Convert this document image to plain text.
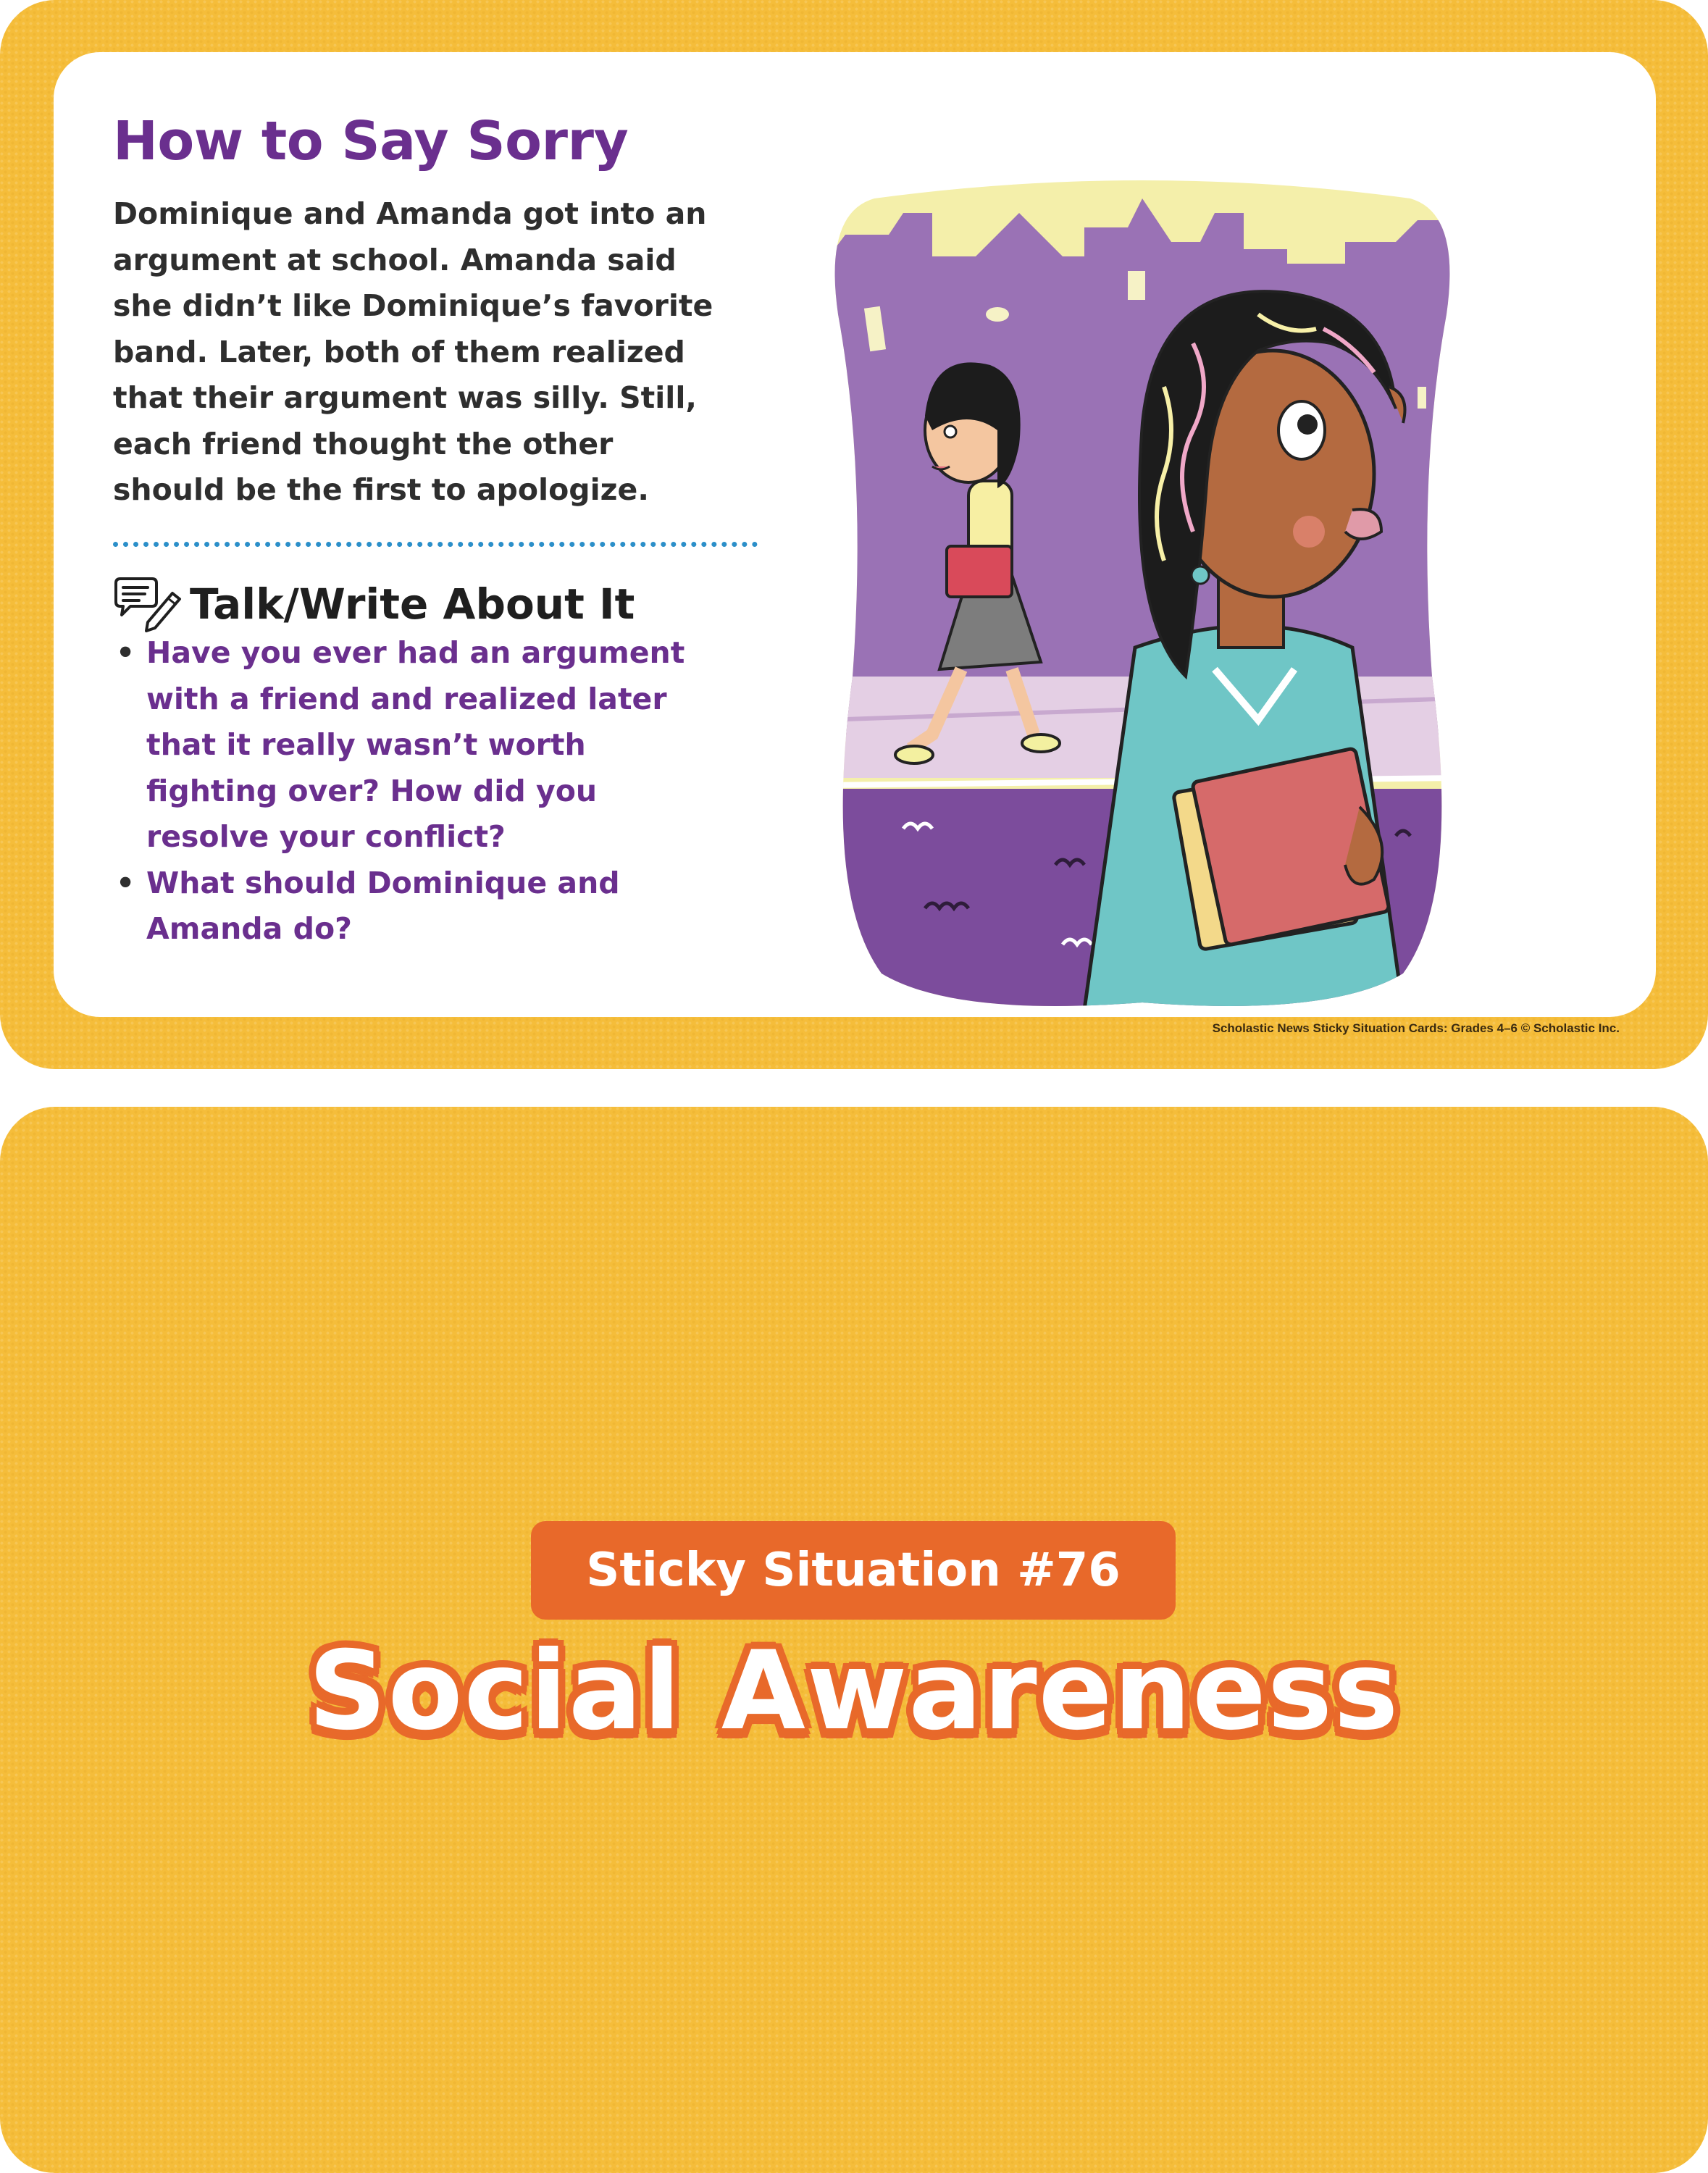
How to Say Sorry

Dominique and Amanda got into an
argument at school. Amanda said
she didn’t like Dominique’s favorite
band. Later, both of them realized
that their argument was silly. Still,
each friend thought the other
should be the first to apologize.

Talk/Write About It
• Have you ever had an argument
with a friend and realized later
that it really wasn’t worth
fighting over? How did you
resolve your conflict?
• What should Dominique and
Amanda do?
Scholastic News Sticky Situation Cards: Grades 4–6 © Scholastic Inc.
Sticky Situation #76
Social Awareness
